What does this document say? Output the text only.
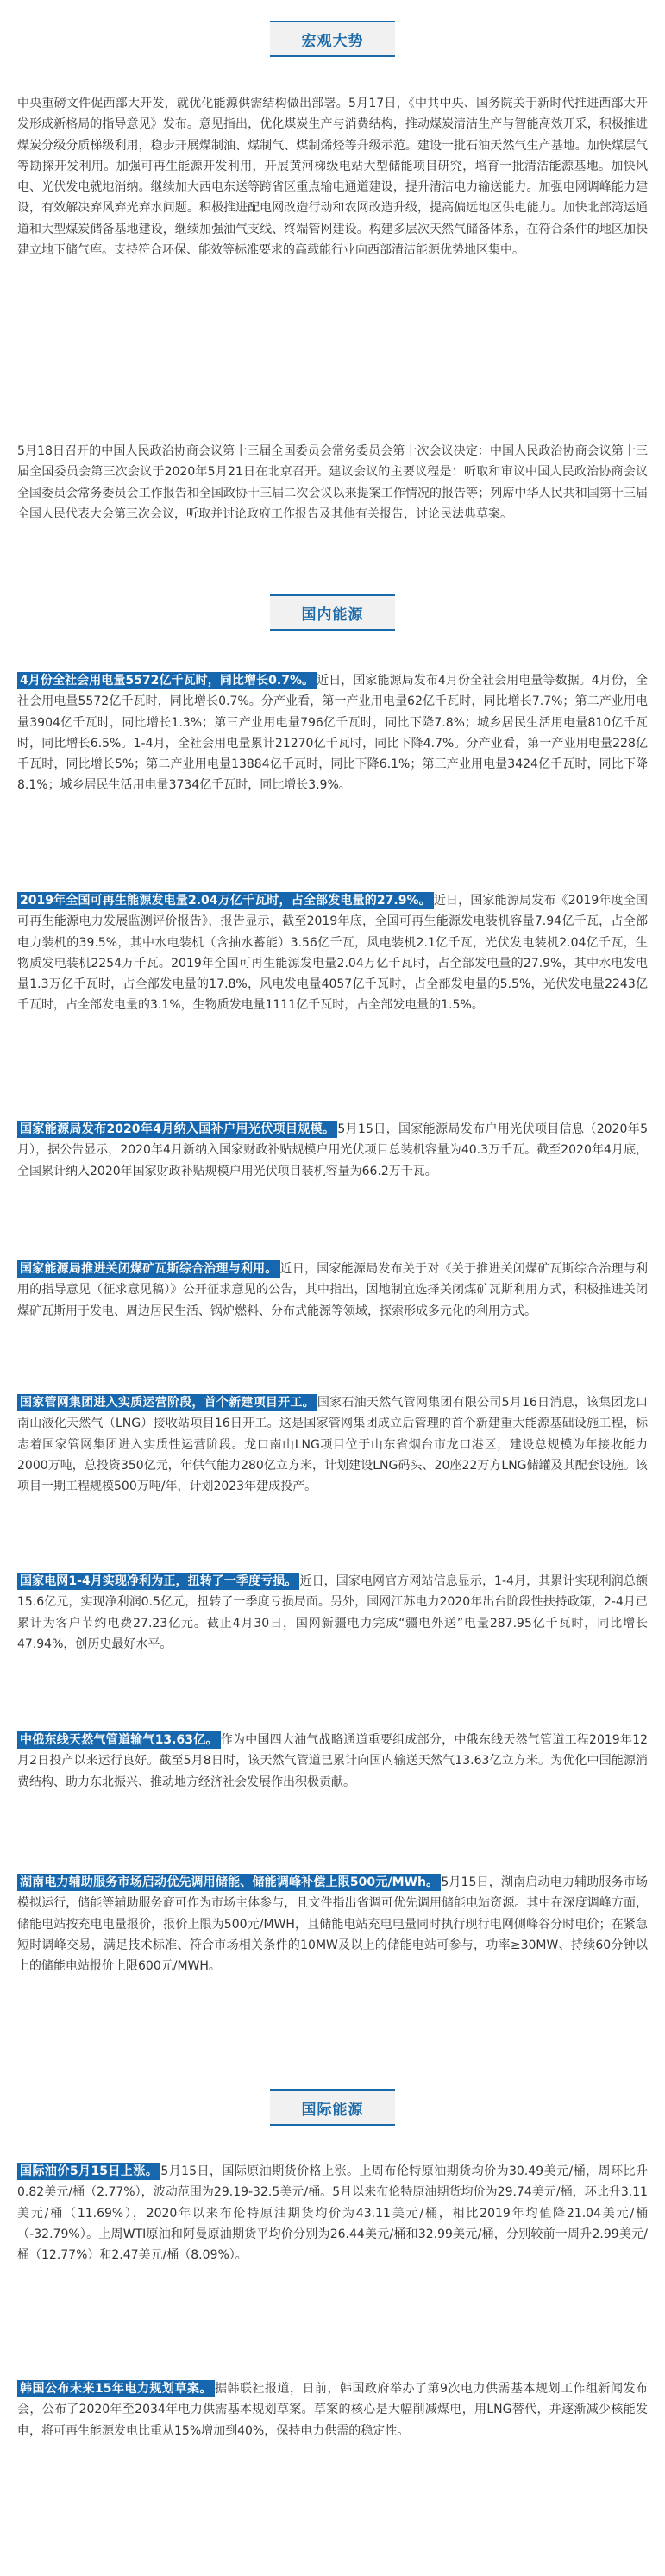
宏观大势

中央重磅文件促西部大开发，就优化能源供需结构做出部署。5月17日，《中共中央、国务院关于新时代推进西部大开发形成新格局的指导意见》发布。意见指出，优化煤炭生产与消费结构，推动煤炭清洁生产与智能高效开采，积极推进煤炭分级分质梯级利用，稳步开展煤制油、煤制气、煤制烯烃等升级示范。建设一批石油天然气生产基地。加快煤层气等勘探开发利用。加强可再生能源开发利用，开展黄河梯级电站大型储能项目研究，培育一批清洁能源基地。加快风电、光伏发电就地消纳。继续加大西电东送等跨省区重点输电通道建设，提升清洁电力输送能力。加强电网调峰能力建设，有效解决弃风弃光弃水问题。积极推进配电网改造行动和农网改造升级，提高偏远地区供电能力。加快北部湾运通道和大型煤炭储备基地建设，继续加强油气支线、终端管网建设。构建多层次天然气储备体系，在符合条件的地区加快建立地下储气库。支持符合环保、能效等标准要求的高载能行业向西部清洁能源优势地区集中。

5月18日召开的中国人民政治协商会议第十三届全国委员会常务委员会第十次会议决定：中国人民政治协商会议第十三届全国委员会第三次会议于2020年5月21日在北京召开。建议会议的主要议程是：听取和审议中国人民政治协商会议全国委员会常务委员会工作报告和全国政协十三届二次会议以来提案工作情况的报告等；列席中华人民共和国第十三届全国人民代表大会第三次会议，听取并讨论政府工作报告及其他有关报告，讨论民法典草案。

国内能源

4月份全社会用电量5572亿千瓦时，同比增长0.7%。 近日，国家能源局发布4月份全社会用电量等数据。4月份，全社会用电量5572亿千瓦时，同比增长0.7%。分产业看，第一产业用电量62亿千瓦时，同比增长7.7%；第二产业用电量3904亿千瓦时，同比增长1.3%；第三产业用电量796亿千瓦时，同比下降7.8%；城乡居民生活用电量810亿千瓦时，同比增长6.5%。1-4月，全社会用电量累计21270亿千瓦时，同比下降4.7%。分产业看，第一产业用电量228亿千瓦时，同比增长5%；第二产业用电量13884亿千瓦时，同比下降6.1%；第三产业用电量3424亿千瓦时，同比下降8.1%；城乡居民生活用电量3734亿千瓦时，同比增长3.9%。

2019年全国可再生能源发电量2.04万亿千瓦时，占全部发电量的27.9%。 近日，国家能源局发布《2019年度全国可再生能源电力发展监测评价报告》，报告显示，截至2019年底，全国可再生能源发电装机容量7.94亿千瓦，占全部电力装机的39.5%，其中水电装机（含抽水蓄能）3.56亿千瓦，风电装机2.1亿千瓦，光伏发电装机2.04亿千瓦，生物质发电装机2254万千瓦。2019年全国可再生能源发电量2.04万亿千瓦时，占全部发电量的27.9%，其中水电发电量1.3万亿千瓦时，占全部发电量的17.8%，风电发电量4057亿千瓦时，占全部发电量的5.5%，光伏发电量2243亿千瓦时，占全部发电量的3.1%，生物质发电量1111亿千瓦时，占全部发电量的1.5%。

国家能源局发布2020年4月纳入国补户用光伏项目规模。 5月15日，国家能源局发布户用光伏项目信息（2020年5月），据公告显示，2020年4月新纳入国家财政补贴规模户用光伏项目总装机容量为40.3万千瓦。截至2020年4月底，全国累计纳入2020年国家财政补贴规模户用光伏项目装机容量为66.2万千瓦。

国家能源局推进关闭煤矿瓦斯综合治理与利用。 近日，国家能源局发布关于对《关于推进关闭煤矿瓦斯综合治理与利用的指导意见（征求意见稿）》公开征求意见的公告，其中指出，因地制宜选择关闭煤矿瓦斯利用方式，积极推进关闭煤矿瓦斯用于发电、周边居民生活、锅炉燃料、分布式能源等领域，探索形成多元化的利用方式。

国家管网集团进入实质运营阶段，首个新建项目开工。 国家石油天然气管网集团有限公司5月16日消息，该集团龙口南山液化天然气（LNG）接收站项目16日开工。这是国家管网集团成立后管理的首个新建重大能源基础设施工程，标志着国家管网集团进入实质性运营阶段。龙口南山LNG项目位于山东省烟台市龙口港区，建设总规模为年接收能力2000万吨，总投资350亿元，年供气能力280亿立方米，计划建设LNG码头、20座22万方LNG储罐及其配套设施。该项目一期工程规模500万吨/年，计划2023年建成投产。

国家电网1-4月实现净利为正，扭转了一季度亏损。 近日，国家电网官方网站信息显示，1-4月，其累计实现利润总额15.6亿元，实现净利润0.5亿元，扭转了一季度亏损局面。另外，国网江苏电力2020年出台阶段性扶持政策，2-4月已累计为客户节约电费27.23亿元。截止4月30日，国网新疆电力完成“疆电外送”电量287.95亿千瓦时，同比增长47.94%，创历史最好水平。

中俄东线天然气管道输气13.63亿。 作为中国四大油气战略通道重要组成部分，中俄东线天然气管道工程2019年12月2日投产以来运行良好。截至5月8日时，该天然气管道已累计向国内输送天然气13.63亿立方米。为优化中国能源消费结构、助力东北振兴、推动地方经济社会发展作出积极贡献。

湖南电力辅助服务市场启动优先调用储能、储能调峰补偿上限500元/MWh。 5月15日，湖南启动电力辅助服务市场模拟运行，储能等辅助服务商可作为市场主体参与，且文件指出省调可优先调用储能电站资源。其中在深度调峰方面，储能电站按充电电量报价，报价上限为500元/MWH，且储能电站充电电量同时执行现行电网侧峰谷分时电价；在紧急短时调峰交易，满足技术标准、符合市场相关条件的10MW及以上的储能电站可参与，功率≥30MW、持续60分钟以上的储能电站报价上限600元/MWH。

国际能源

国际油价5月15日上涨。 5月15日，国际原油期货价格上涨。上周布伦特原油期货均价为30.49美元/桶，周环比升0.82美元/桶（2.77%），波动范围为29.19-32.5美元/桶。5月以来布伦特原油期货均价为29.74美元/桶，环比升3.11美元/桶（11.69%），2020年以来布伦特原油期货均价为43.11美元/桶，相比2019年均值降21.04美元/桶（-32.79%）。上周WTI原油和阿曼原油期货平均价分别为26.44美元/桶和32.99美元/桶，分别较前一周升2.99美元/桶（12.77%）和2.47美元/桶（8.09%）。

韩国公布未来15年电力规划草案。 据韩联社报道，日前，韩国政府举办了第9次电力供需基本规划工作组新闻发布会，公布了2020年至2034年电力供需基本规划草案。草案的核心是大幅削减煤电，用LNG替代，并逐渐减少核能发电，将可再生能源发电比重从15%增加到40%，保持电力供需的稳定性。
